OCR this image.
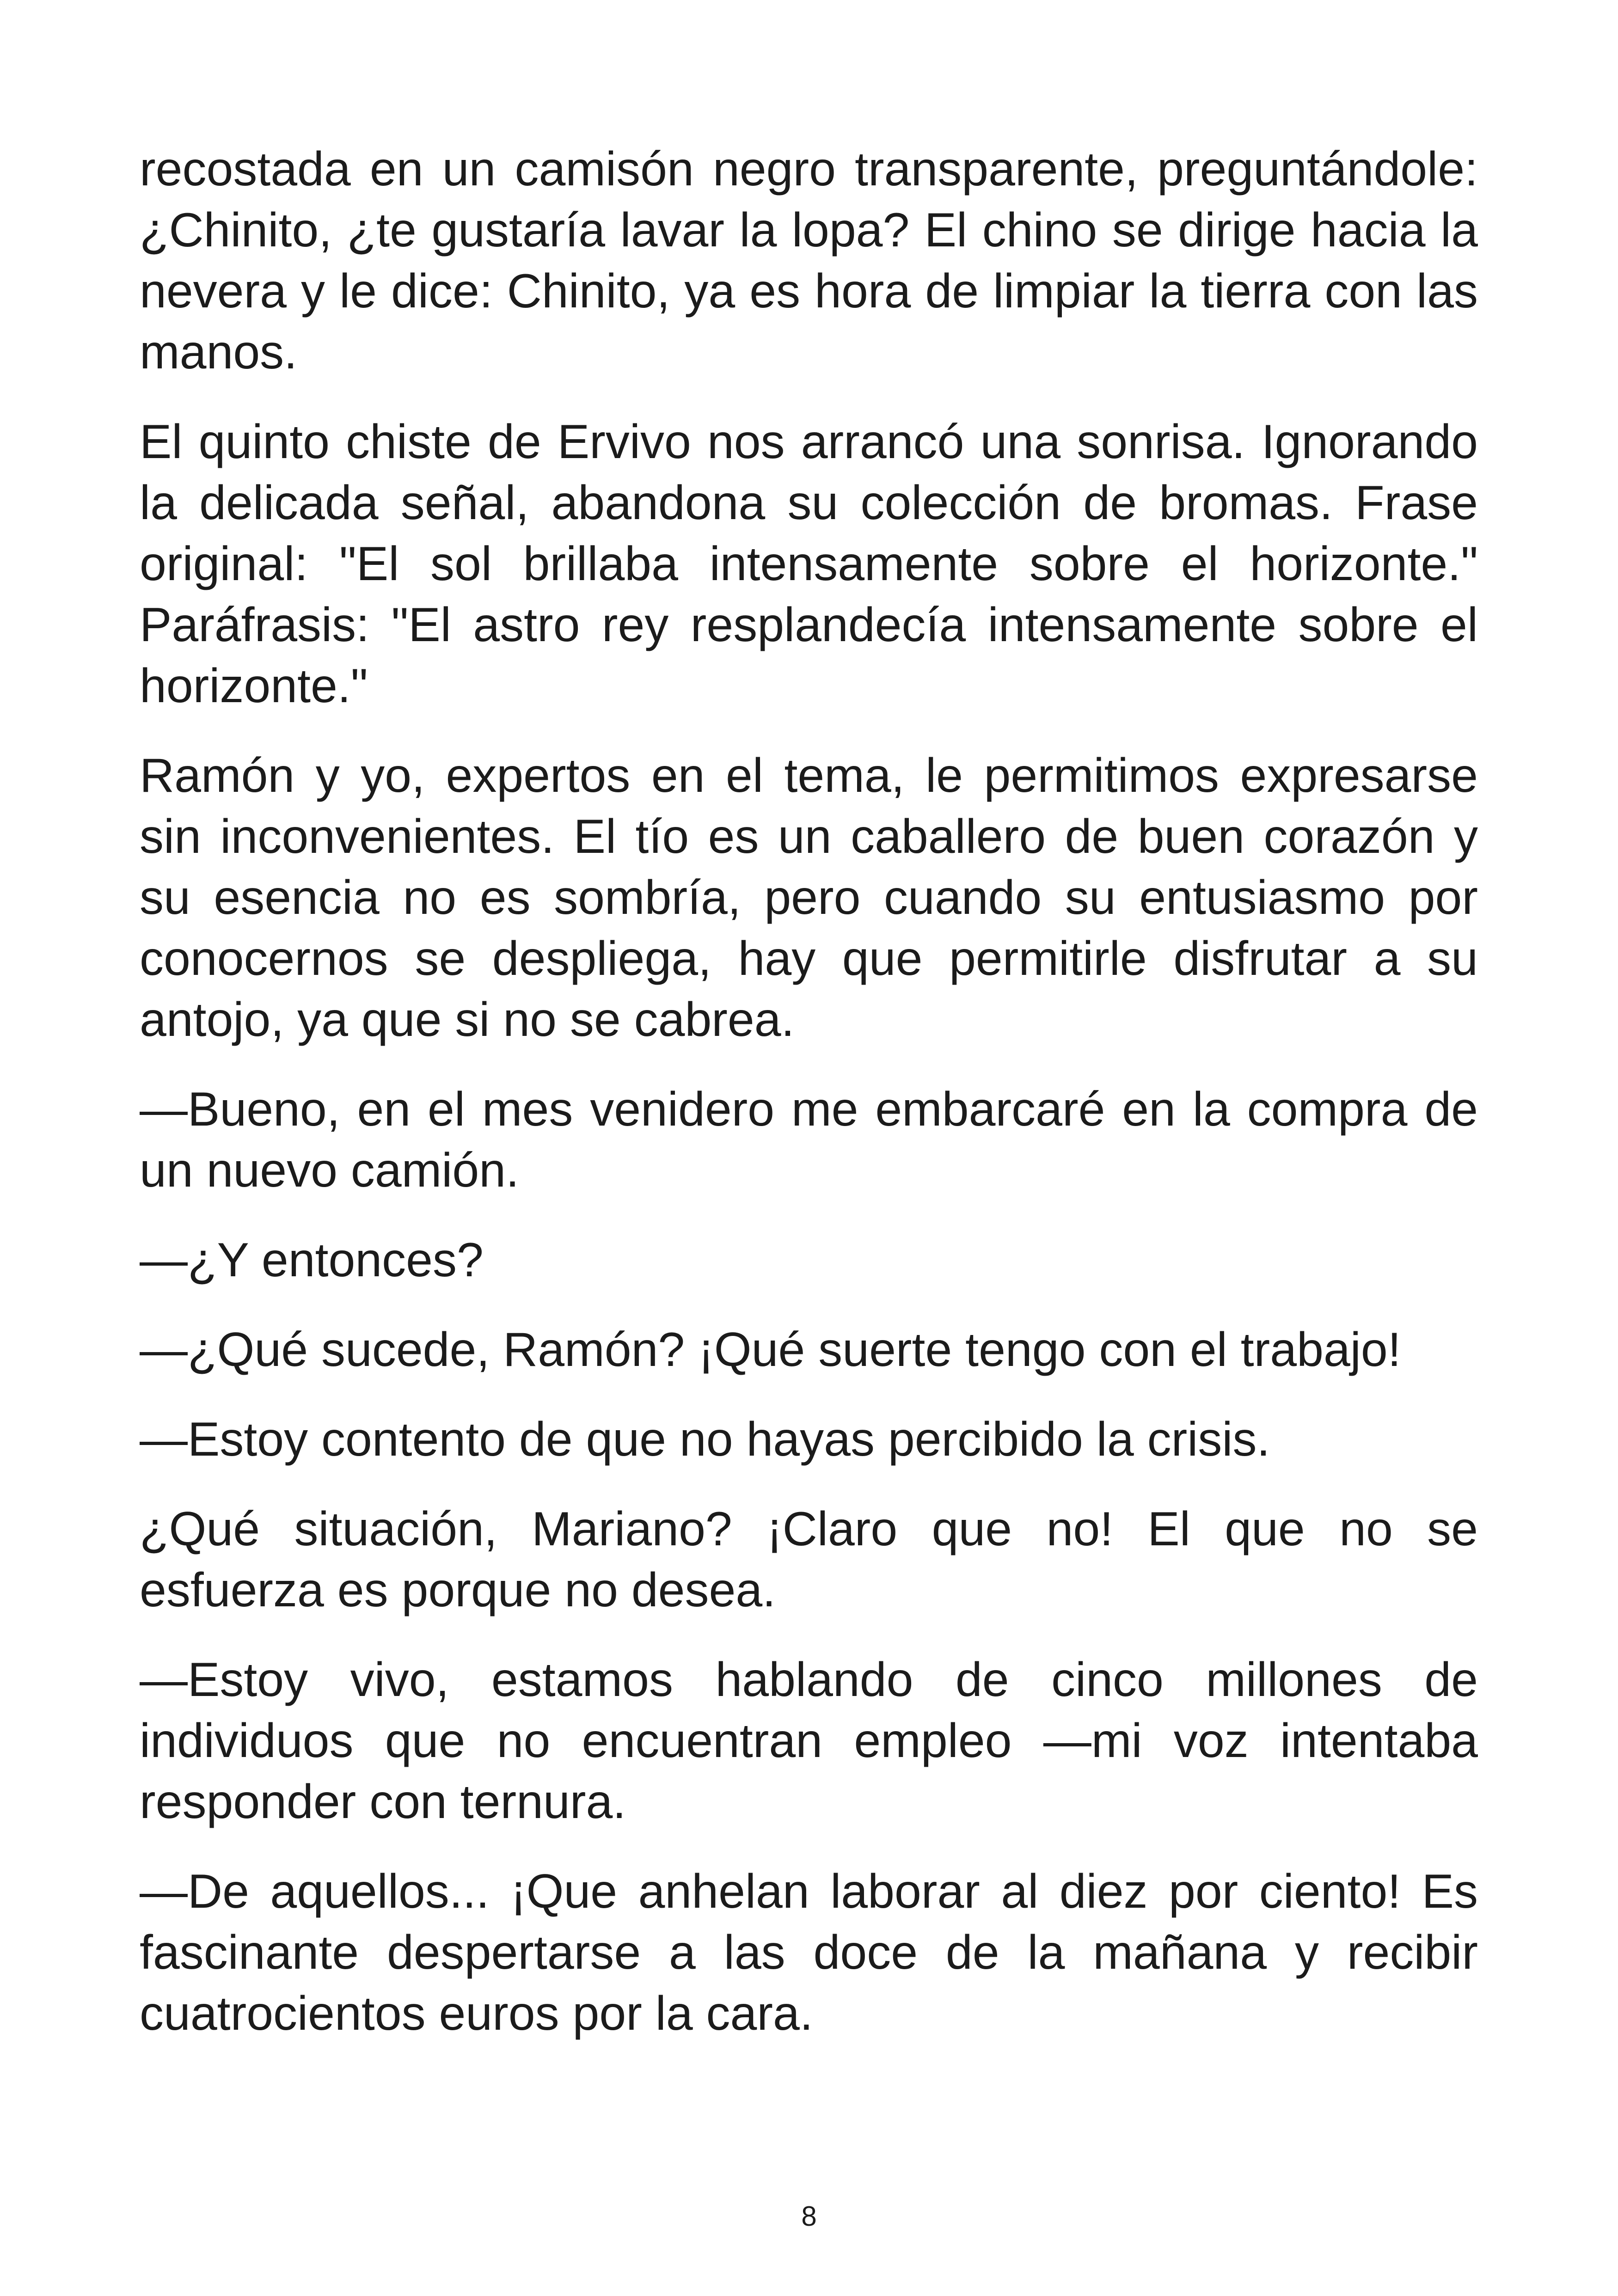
recostada en un camisón negro transparente, preguntándole: ¿Chinito, ¿te gustaría lavar la lopa? El chino se dirige hacia la nevera y le dice: Chinito, ya es hora de limpiar la tierra con las manos.

El quinto chiste de Ervivo nos arrancó una sonrisa. Ignorando la delicada señal, abandona su colección de bromas. Frase original: "El sol brillaba intensamente sobre el horizonte." Paráfrasis: "El astro rey resplandecía intensamente sobre el horizonte."

Ramón y yo, expertos en el tema, le permitimos expresarse sin inconvenientes. El tío es un caballero de buen corazón y su esencia no es sombría, pero cuando su entusiasmo por conocernos se despliega, hay que permitirle disfrutar a su antojo, ya que si no se cabrea.

—Bueno, en el mes venidero me embarcaré en la compra de un nuevo camión.

—¿Y entonces?

—¿Qué sucede, Ramón? ¡Qué suerte tengo con el trabajo!

—Estoy contento de que no hayas percibido la crisis.

¿Qué situación, Mariano? ¡Claro que no! El que no se esfuerza es porque no desea.

—Estoy vivo, estamos hablando de cinco millones de individuos que no encuentran empleo —mi voz intentaba responder con ternura.

—De aquellos... ¡Que anhelan laborar al diez por ciento! Es fascinante despertarse a las doce de la mañana y recibir cuatrocientos euros por la cara.

8
